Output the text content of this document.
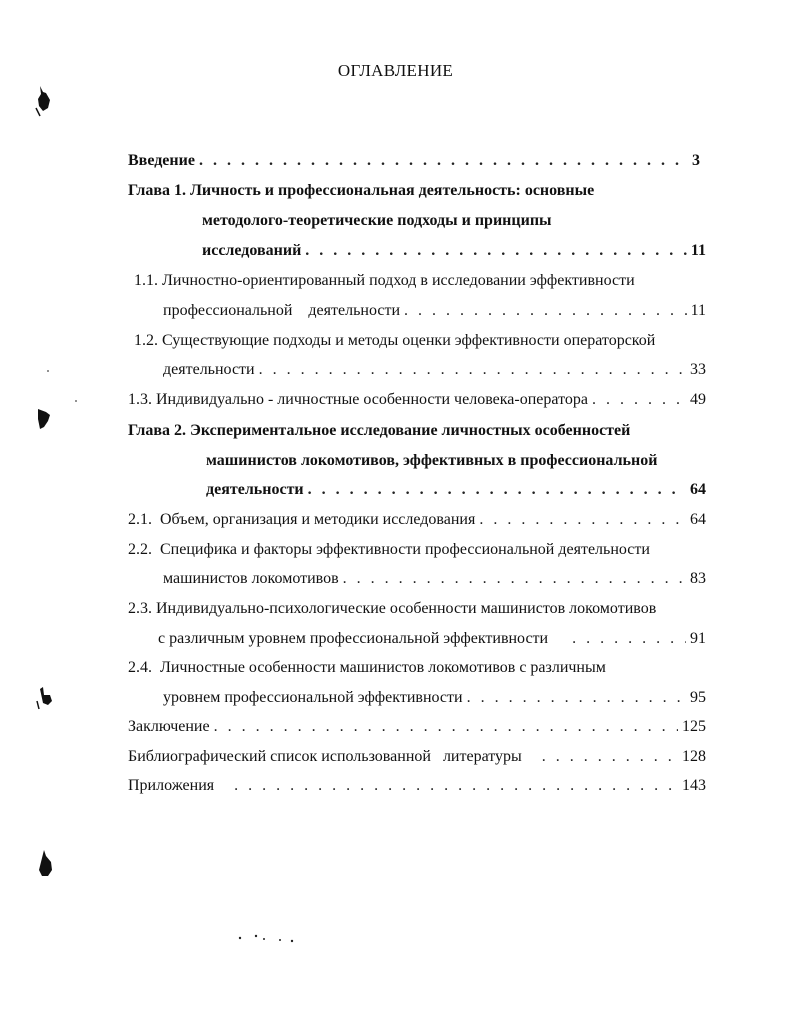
ОГЛАВЛЕНИЕ
Введение . . .	3
Глава 1. Личность и профессиональная деятельность: основные
методолого-теоретические подходы и принципы
исследований . . .	11
1.1. Личностно-ориентированный подход в исследовании эффективности
профессиональной    деятельности . . .	11
1.2. Существующие подходы и методы оценки эффективности операторской
деятельности . . .	33
1.3. Индивидуально - личностные особенности человека-оператора . . .	49
Глава 2. Экспериментальное исследование личностных особенностей
машинистов локомотивов, эффективных в профессиональной
деятельности . . .	64
2.1.  Объем, организация и методики исследования . . .	64
2.2.  Специфика и факторы эффективности профессиональной деятельности
машинистов локомотивов . . .	83
2.3. Индивидуально-психологические особенности машинистов локомотивов
с различным уровнем профессиональной эффективности . . .	91
2.4.  Личностные особенности машинистов локомотивов с различным
уровнем профессиональной эффективности . . .	95
Заключение . . .	125
Библиографический список использованной   литературы . . .	128
Приложения . . .	143
